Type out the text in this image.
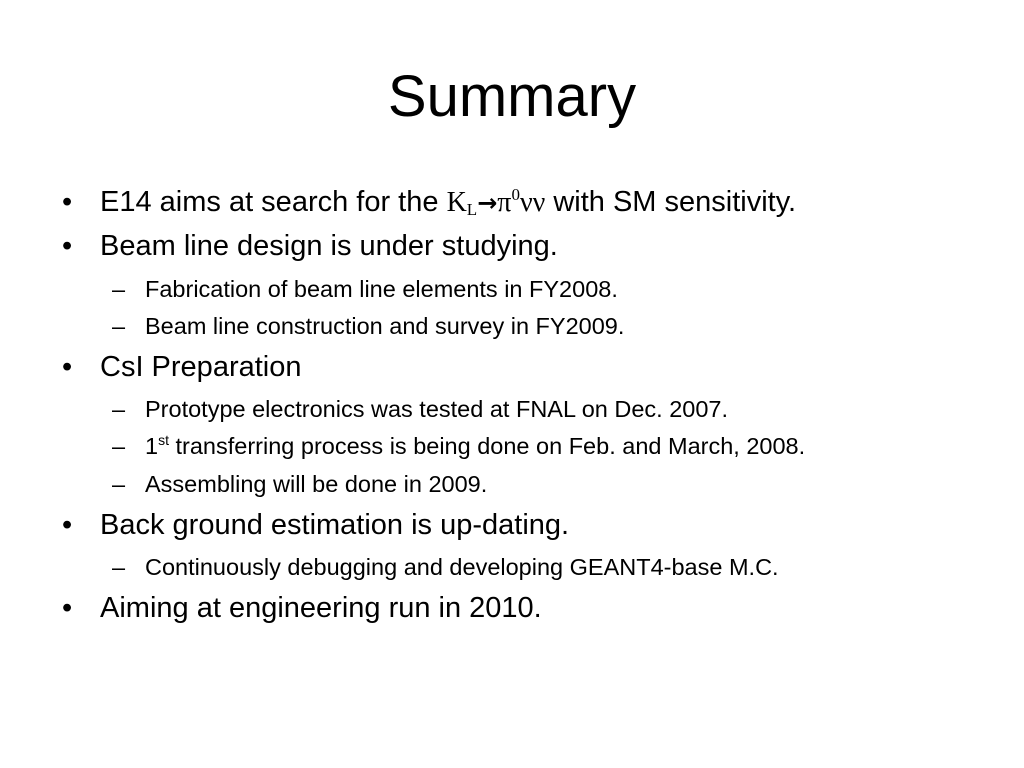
Summary
• E14 aims at search for the $K_L\to\pi^0\nu\nu$ with SM sensitivity.
• Beam line design is under studying.
– Fabrication of beam line elements in FY2008.
– Beam line construction and survey in FY2009.
• CsI Preparation
– Prototype electronics was tested at FNAL on Dec. 2007.
– 1st transferring process is being done on Feb. and March, 2008.
– Assembling will be done in 2009.
• Back ground estimation is up-dating.
– Continuously debugging and developing GEANT4-base M.C.
• Aiming at engineering run in 2010.
